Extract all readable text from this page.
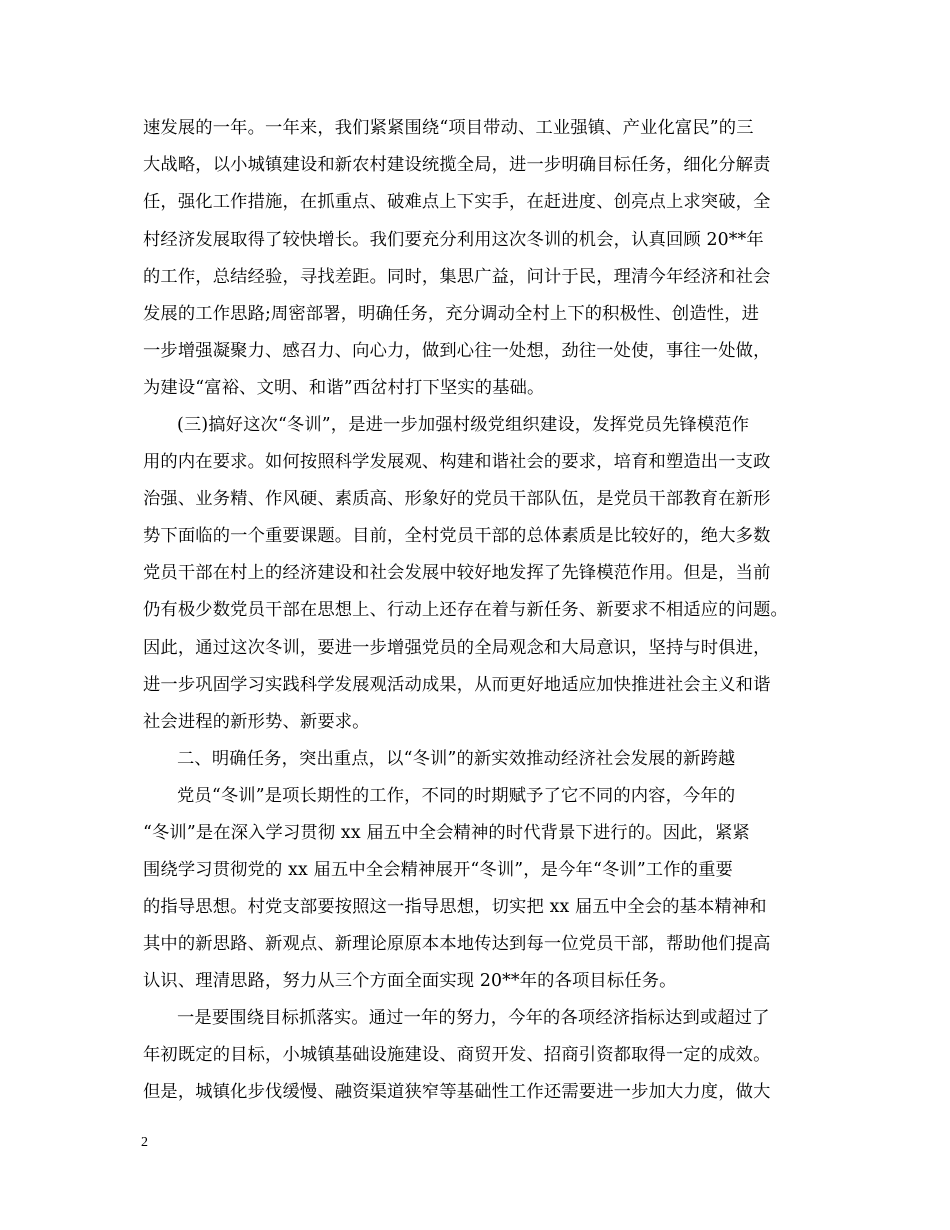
速发展的一年。一年来，我们紧紧围绕“项目带动、工业强镇、产业化富民”的三
大战略，以小城镇建设和新农村建设统揽全局，进一步明确目标任务，细化分解责
任，强化工作措施，在抓重点、破难点上下实手，在赶进度、创亮点上求突破，全
村经济发展取得了较快增长。我们要充分利用这次冬训的机会，认真回顾 20**年
的工作，总结经验，寻找差距。同时，集思广益，问计于民，理清今年经济和社会
发展的工作思路;周密部署，明确任务，充分调动全村上下的积极性、创造性，进
一步增强凝聚力、感召力、向心力，做到心往一处想，劲往一处使，事往一处做，
为建设“富裕、文明、和谐”西岔村打下坚实的基础。
(三)搞好这次“冬训”，是进一步加强村级党组织建设，发挥党员先锋模范作
用的内在要求。如何按照科学发展观、构建和谐社会的要求，培育和塑造出一支政
治强、业务精、作风硬、素质高、形象好的党员干部队伍，是党员干部教育在新形
势下面临的一个重要课题。目前，全村党员干部的总体素质是比较好的，绝大多数
党员干部在村上的经济建设和社会发展中较好地发挥了先锋模范作用。但是，当前
仍有极少数党员干部在思想上、行动上还存在着与新任务、新要求不相适应的问题。
因此，通过这次冬训，要进一步增强党员的全局观念和大局意识，坚持与时俱进，
进一步巩固学习实践科学发展观活动成果，从而更好地适应加快推进社会主义和谐
社会进程的新形势、新要求。
二、明确任务，突出重点，以“冬训”的新实效推动经济社会发展的新跨越
党员“冬训”是项长期性的工作，不同的时期赋予了它不同的内容，今年的
“冬训”是在深入学习贯彻 xx 届五中全会精神的时代背景下进行的。因此，紧紧
围绕学习贯彻党的 xx 届五中全会精神展开“冬训”，是今年“冬训”工作的重要
的指导思想。村党支部要按照这一指导思想，切实把 xx 届五中全会的基本精神和
其中的新思路、新观点、新理论原原本本地传达到每一位党员干部，帮助他们提高
认识、理清思路，努力从三个方面全面实现 20**年的各项目标任务。
一是要围绕目标抓落实。通过一年的努力，今年的各项经济指标达到或超过了
年初既定的目标，小城镇基础设施建设、商贸开发、招商引资都取得一定的成效。
但是，城镇化步伐缓慢、融资渠道狭窄等基础性工作还需要进一步加大力度，做大
2
